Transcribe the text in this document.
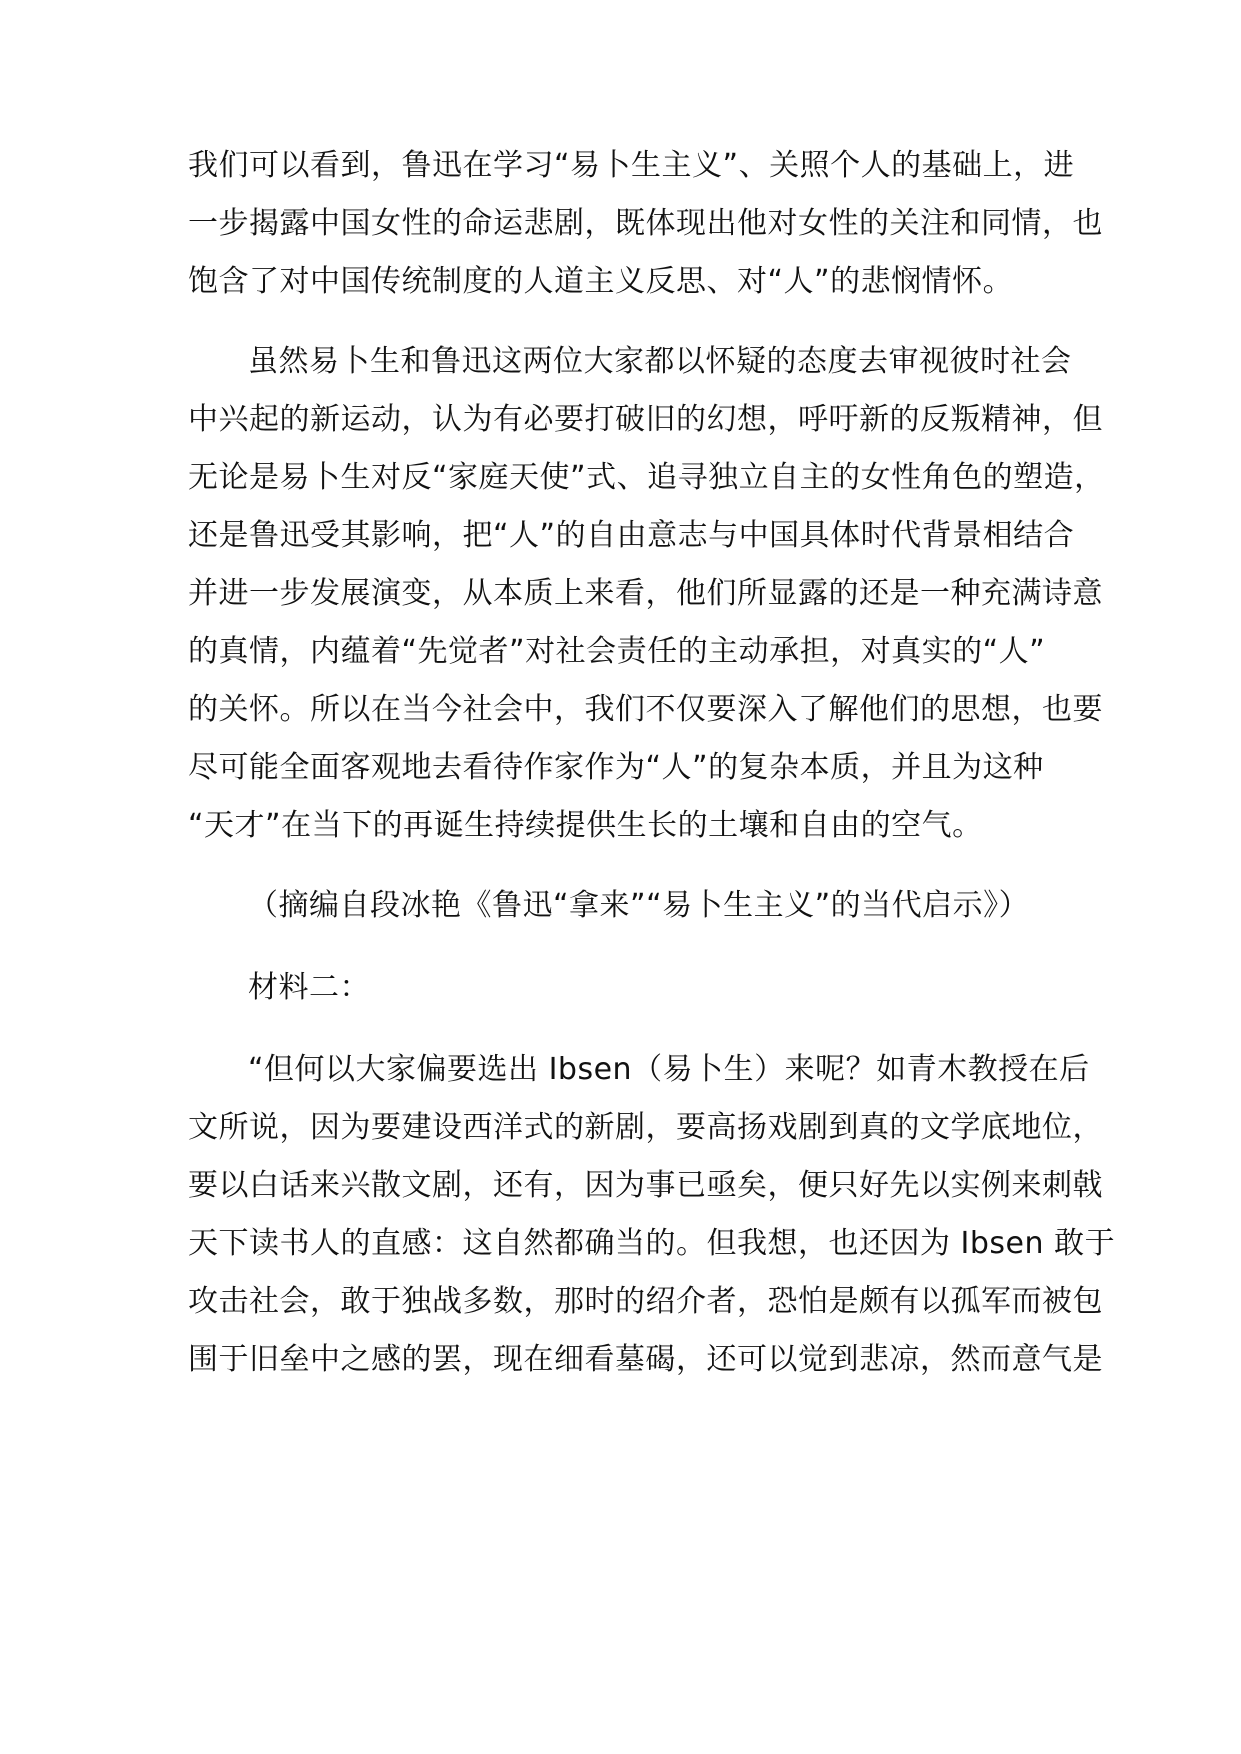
我们可以看到，鲁迅在学习“易卜生主义”、关照个人的基础上，进
一步揭露中国女性的命运悲剧，既体现出他对女性的关注和同情，也
饱含了对中国传统制度的人道主义反思、对“人”的悲悯情怀。
虽然易卜生和鲁迅这两位大家都以怀疑的态度去审视彼时社会
中兴起的新运动，认为有必要打破旧的幻想，呼吁新的反叛精神，但
无论是易卜生对反“家庭天使”式、追寻独立自主的女性角色的塑造，
还是鲁迅受其影响，把“人”的自由意志与中国具体时代背景相结合
并进一步发展演变，从本质上来看，他们所显露的还是一种充满诗意
的真情，内蕴着“先觉者”对社会责任的主动承担，对真实的“人”
的关怀。所以在当今社会中，我们不仅要深入了解他们的思想，也要
尽可能全面客观地去看待作家作为“人”的复杂本质，并且为这种
“天才”在当下的再诞生持续提供生长的土壤和自由的空气。
（摘编自段冰艳《鲁迅“拿来”“易卜生主义”的当代启示》）
材料二：
“但何以大家偏要选出 Ibsen（易卜生）来呢？如青木教授在后
文所说，因为要建设西洋式的新剧，要高扬戏剧到真的文学底地位，
要以白话来兴散文剧，还有，因为事已亟矣，便只好先以实例来刺戟
天下读书人的直感：这自然都确当的。但我想，也还因为 Ibsen 敢于
攻击社会，敢于独战多数，那时的绍介者，恐怕是颇有以孤军而被包
围于旧垒中之感的罢，现在细看墓碣，还可以觉到悲凉，然而意气是
